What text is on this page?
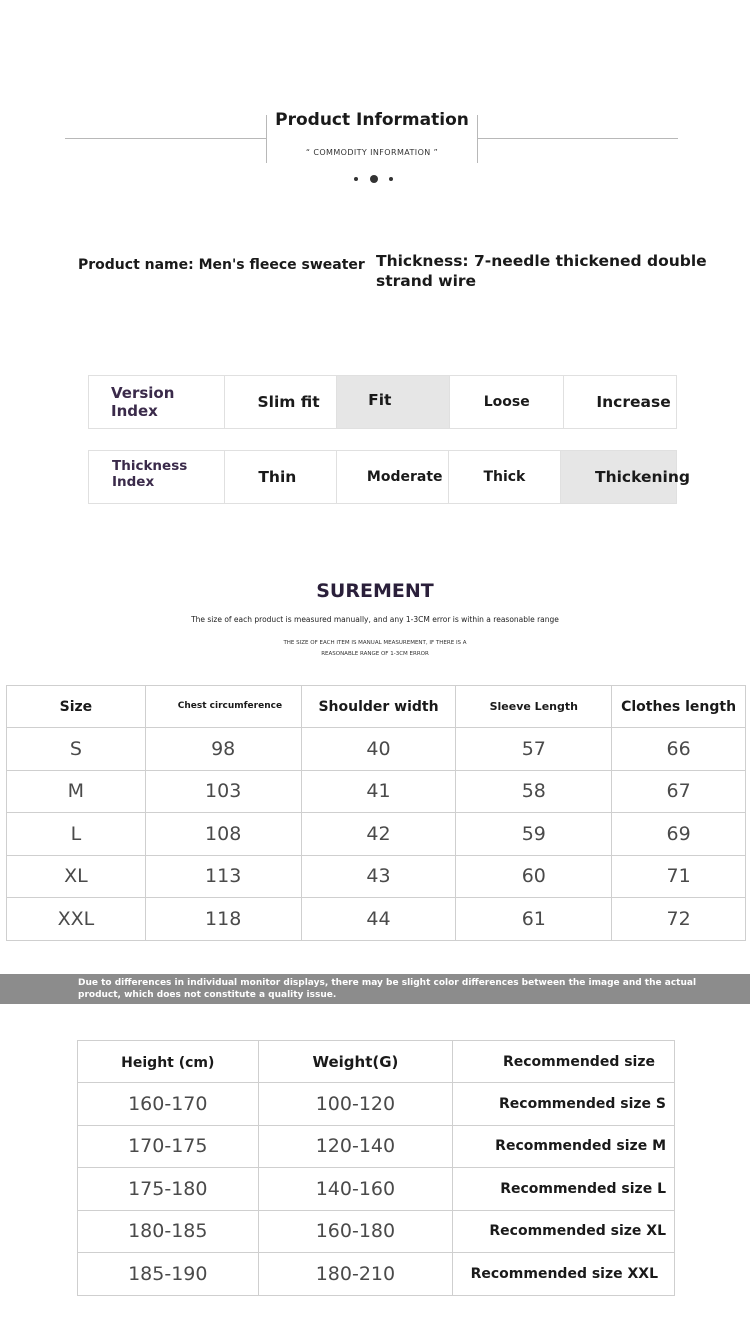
Product Information
“ COMMODITY INFORMATION ”
Product name: Men's fleece sweater Thickness: 7-needle thickened double strand wire
Version Index	Slim fit	Fit	Loose	Increase
Thickness Index	Thin	Moderate	Thick	Thickening
SUREMENT
The size of each product is measured manually, and any 1-3CM error is within a reasonable range
THE SIZE OF EACH ITEM IS MANUAL MEASUREMENT, IF THERE IS A
REASONABLE RANGE OF 1-3CM ERROR
Size	Chest circumference	Shoulder width	Sleeve Length	Clothes length
S	98	40	57	66
M	103	41	58	67
L	108	42	59	69
XL	113	43	60	71
XXL	118	44	61	72
Due to differences in individual monitor displays, there may be slight color differences between the image and the actual product, which does not constitute a quality issue.
Height (cm)	Weight(G)	Recommended size
160-170	100-120	Recommended size S
170-175	120-140	Recommended size M
175-180	140-160	Recommended size L
180-185	160-180	Recommended size XL
185-190	180-210	Recommended size XXL
